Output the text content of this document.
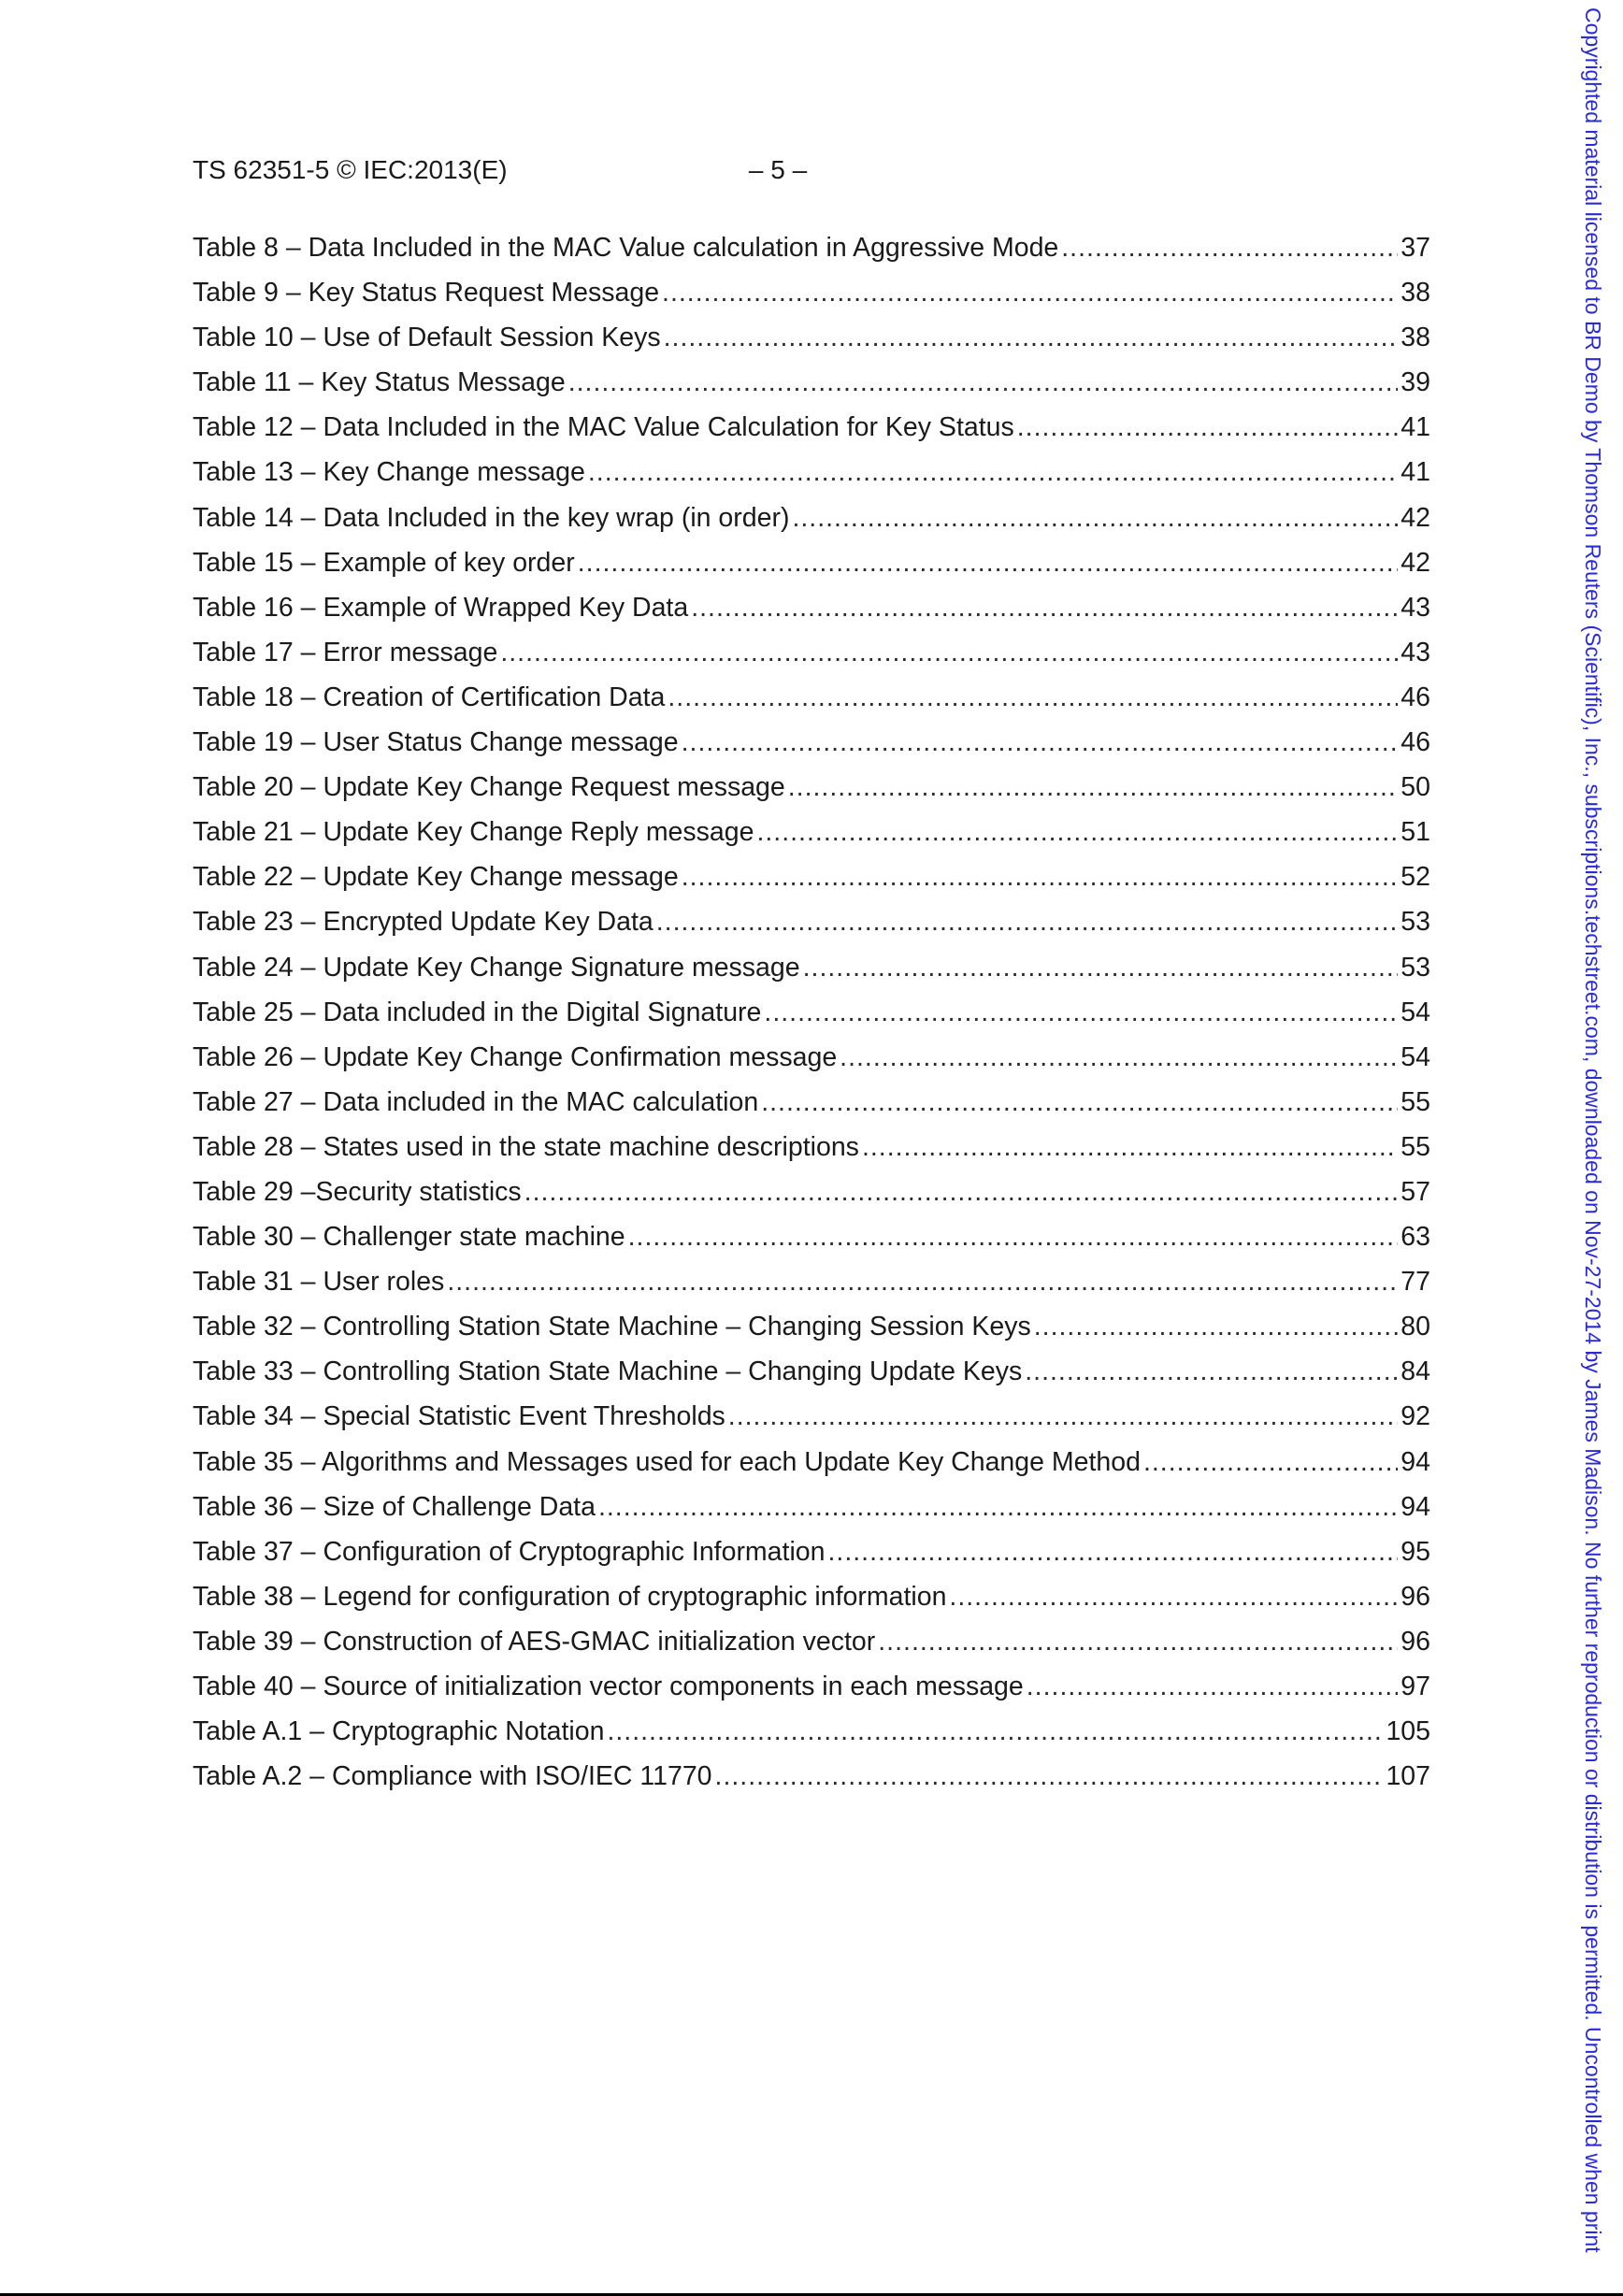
TS 62351-5 © IEC:2013(E)	– 5 –
Table 8 – Data Included in the MAC Value calculation in Aggressive Mode .....	37
Table 9 – Key Status Request Message .....	38
Table 10 – Use of Default Session Keys .....	38
Table 11 – Key Status Message .....	39
Table 12 – Data Included in the MAC Value Calculation for Key Status .....	41
Table 13 – Key Change message .....	41
Table 14 – Data Included in the key wrap (in order) .....	42
Table 15 – Example of key order .....	42
Table 16 – Example of Wrapped Key Data .....	43
Table 17 – Error message .....	43
Table 18 – Creation of Certification Data .....	46
Table 19 – User Status Change message .....	46
Table 20 – Update Key Change Request message .....	50
Table 21 – Update Key Change Reply message .....	51
Table 22 – Update Key Change message .....	52
Table 23 – Encrypted Update Key Data .....	53
Table 24 – Update Key Change Signature message .....	53
Table 25 – Data included in the Digital Signature .....	54
Table 26 – Update Key Change Confirmation message .....	54
Table 27 – Data included in the MAC calculation .....	55
Table 28 – States used in the state machine descriptions .....	55
Table 29 –Security statistics .....	57
Table 30 – Challenger state machine .....	63
Table 31 – User roles .....	77
Table 32 – Controlling Station State Machine – Changing Session Keys .....	80
Table 33 – Controlling Station State Machine – Changing Update Keys .....	84
Table 34 – Special Statistic Event Thresholds .....	92
Table 35 – Algorithms and Messages used for each Update Key Change Method .....	94
Table 36 – Size of Challenge Data .....	94
Table 37 – Configuration of Cryptographic Information .....	95
Table 38 – Legend for configuration of cryptographic information .....	96
Table 39 – Construction of AES-GMAC initialization vector .....	96
Table 40 – Source of initialization vector components in each message .....	97
Table A.1 – Cryptographic Notation .....	105
Table A.2 – Compliance with ISO/IEC 11770 .....	107	Copyrighted material licensed to BR Demo by Thomson Reuters (Scientific), Inc., subscriptions.techstreet.com, downloaded on Nov-27-2014 by James Madison. No further reproduction or distribution is permitted. Uncontrolled when print
